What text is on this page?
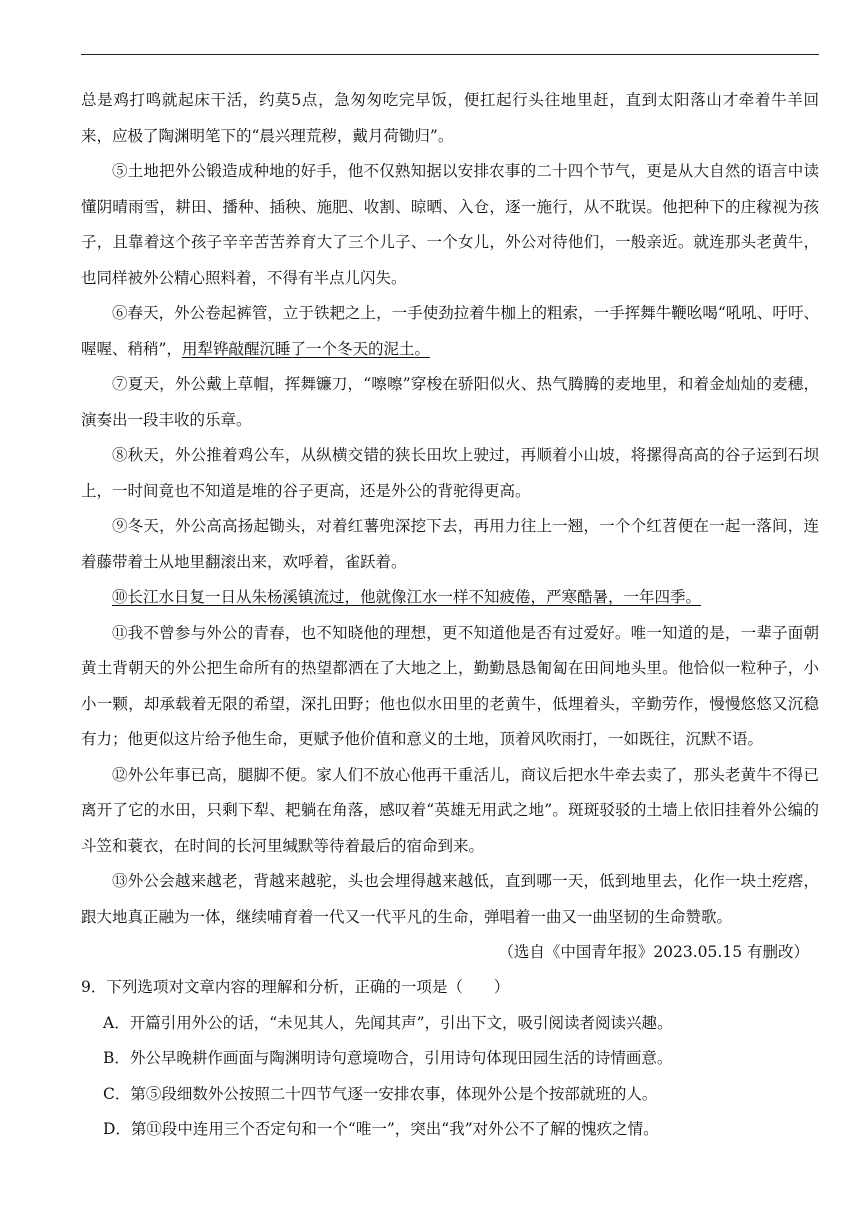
总是鸡打鸣就起床干活，约莫5点，急匆匆吃完早饭，便扛起行头往地里赶，直到太阳落山才牵着牛羊回来，应极了陶渊明笔下的“晨兴理荒秽，戴月荷锄归”。

⑤土地把外公锻造成种地的好手，他不仅熟知据以安排农事的二十四个节气，更是从大自然的语言中读懂阴晴雨雪，耕田、播种、插秧、施肥、收割、晾晒、入仓，逐一施行，从不耽误。他把种下的庄稼视为孩子，且靠着这个孩子辛辛苦苦养育大了三个儿子、一个女儿，外公对待他们，一般亲近。就连那头老黄牛，也同样被外公精心照料着，不得有半点儿闪失。

⑥春天，外公卷起裤管，立于铁耙之上，一手使劲拉着牛枷上的粗索，一手挥舞牛鞭吆喝“吼吼、吁吁、喔喔、稍稍”，用犁铧敲醒沉睡了一个冬天的泥土。

⑦夏天，外公戴上草帽，挥舞镰刀，“嚓嚓”穿梭在骄阳似火、热气腾腾的麦地里，和着金灿灿的麦穗，演奏出一段丰收的乐章。

⑧秋天，外公推着鸡公车，从纵横交错的狭长田坎上驶过，再顺着小山坡，将摞得高高的谷子运到石坝上，一时间竟也不知道是堆的谷子更高，还是外公的背驼得更高。

⑨冬天，外公高高扬起锄头，对着红薯兜深挖下去，再用力往上一翘，一个个红苕便在一起一落间，连着藤带着土从地里翻滚出来，欢呼着，雀跃着。

⑩长江水日复一日从朱杨溪镇流过，他就像江水一样不知疲倦，严寒酷暑，一年四季。

⑪我不曾参与外公的青春，也不知晓他的理想，更不知道他是否有过爱好。唯一知道的是，一辈子面朝黄土背朝天的外公把生命所有的热望都洒在了大地之上，勤勤恳恳匍匐在田间地头里。他恰似一粒种子，小小一颗，却承载着无限的希望，深扎田野；他也似水田里的老黄牛，低埋着头，辛勤劳作，慢慢悠悠又沉稳有力；他更似这片给予他生命，更赋予他价值和意义的土地，顶着风吹雨打，一如既往，沉默不语。

⑫外公年事已高，腿脚不便。家人们不放心他再干重活儿，商议后把水牛牵去卖了，那头老黄牛不得已离开了它的水田，只剩下犁、耙躺在角落，感叹着“英雄无用武之地”。斑斑驳驳的土墙上依旧挂着外公编的斗笠和蓑衣，在时间的长河里缄默等待着最后的宿命到来。

⑬外公会越来越老，背越来越驼，头也会埋得越来越低，直到哪一天，低到地里去，化作一块土疙瘩，跟大地真正融为一体，继续哺育着一代又一代平凡的生命，弹唱着一曲又一曲坚韧的生命赞歌。

（选自《中国青年报》2023.05.15 有删改）

9．下列选项对文章内容的理解和分析，正确的一项是（　　）

A．开篇引用外公的话，“未见其人，先闻其声”，引出下文，吸引阅读者阅读兴趣。

B．外公早晚耕作画面与陶渊明诗句意境吻合，引用诗句体现田园生活的诗情画意。

C．第⑤段细数外公按照二十四节气逐一安排农事，体现外公是个按部就班的人。

D．第⑪段中连用三个否定句和一个“唯一”，突出“我”对外公不了解的愧疚之情。
